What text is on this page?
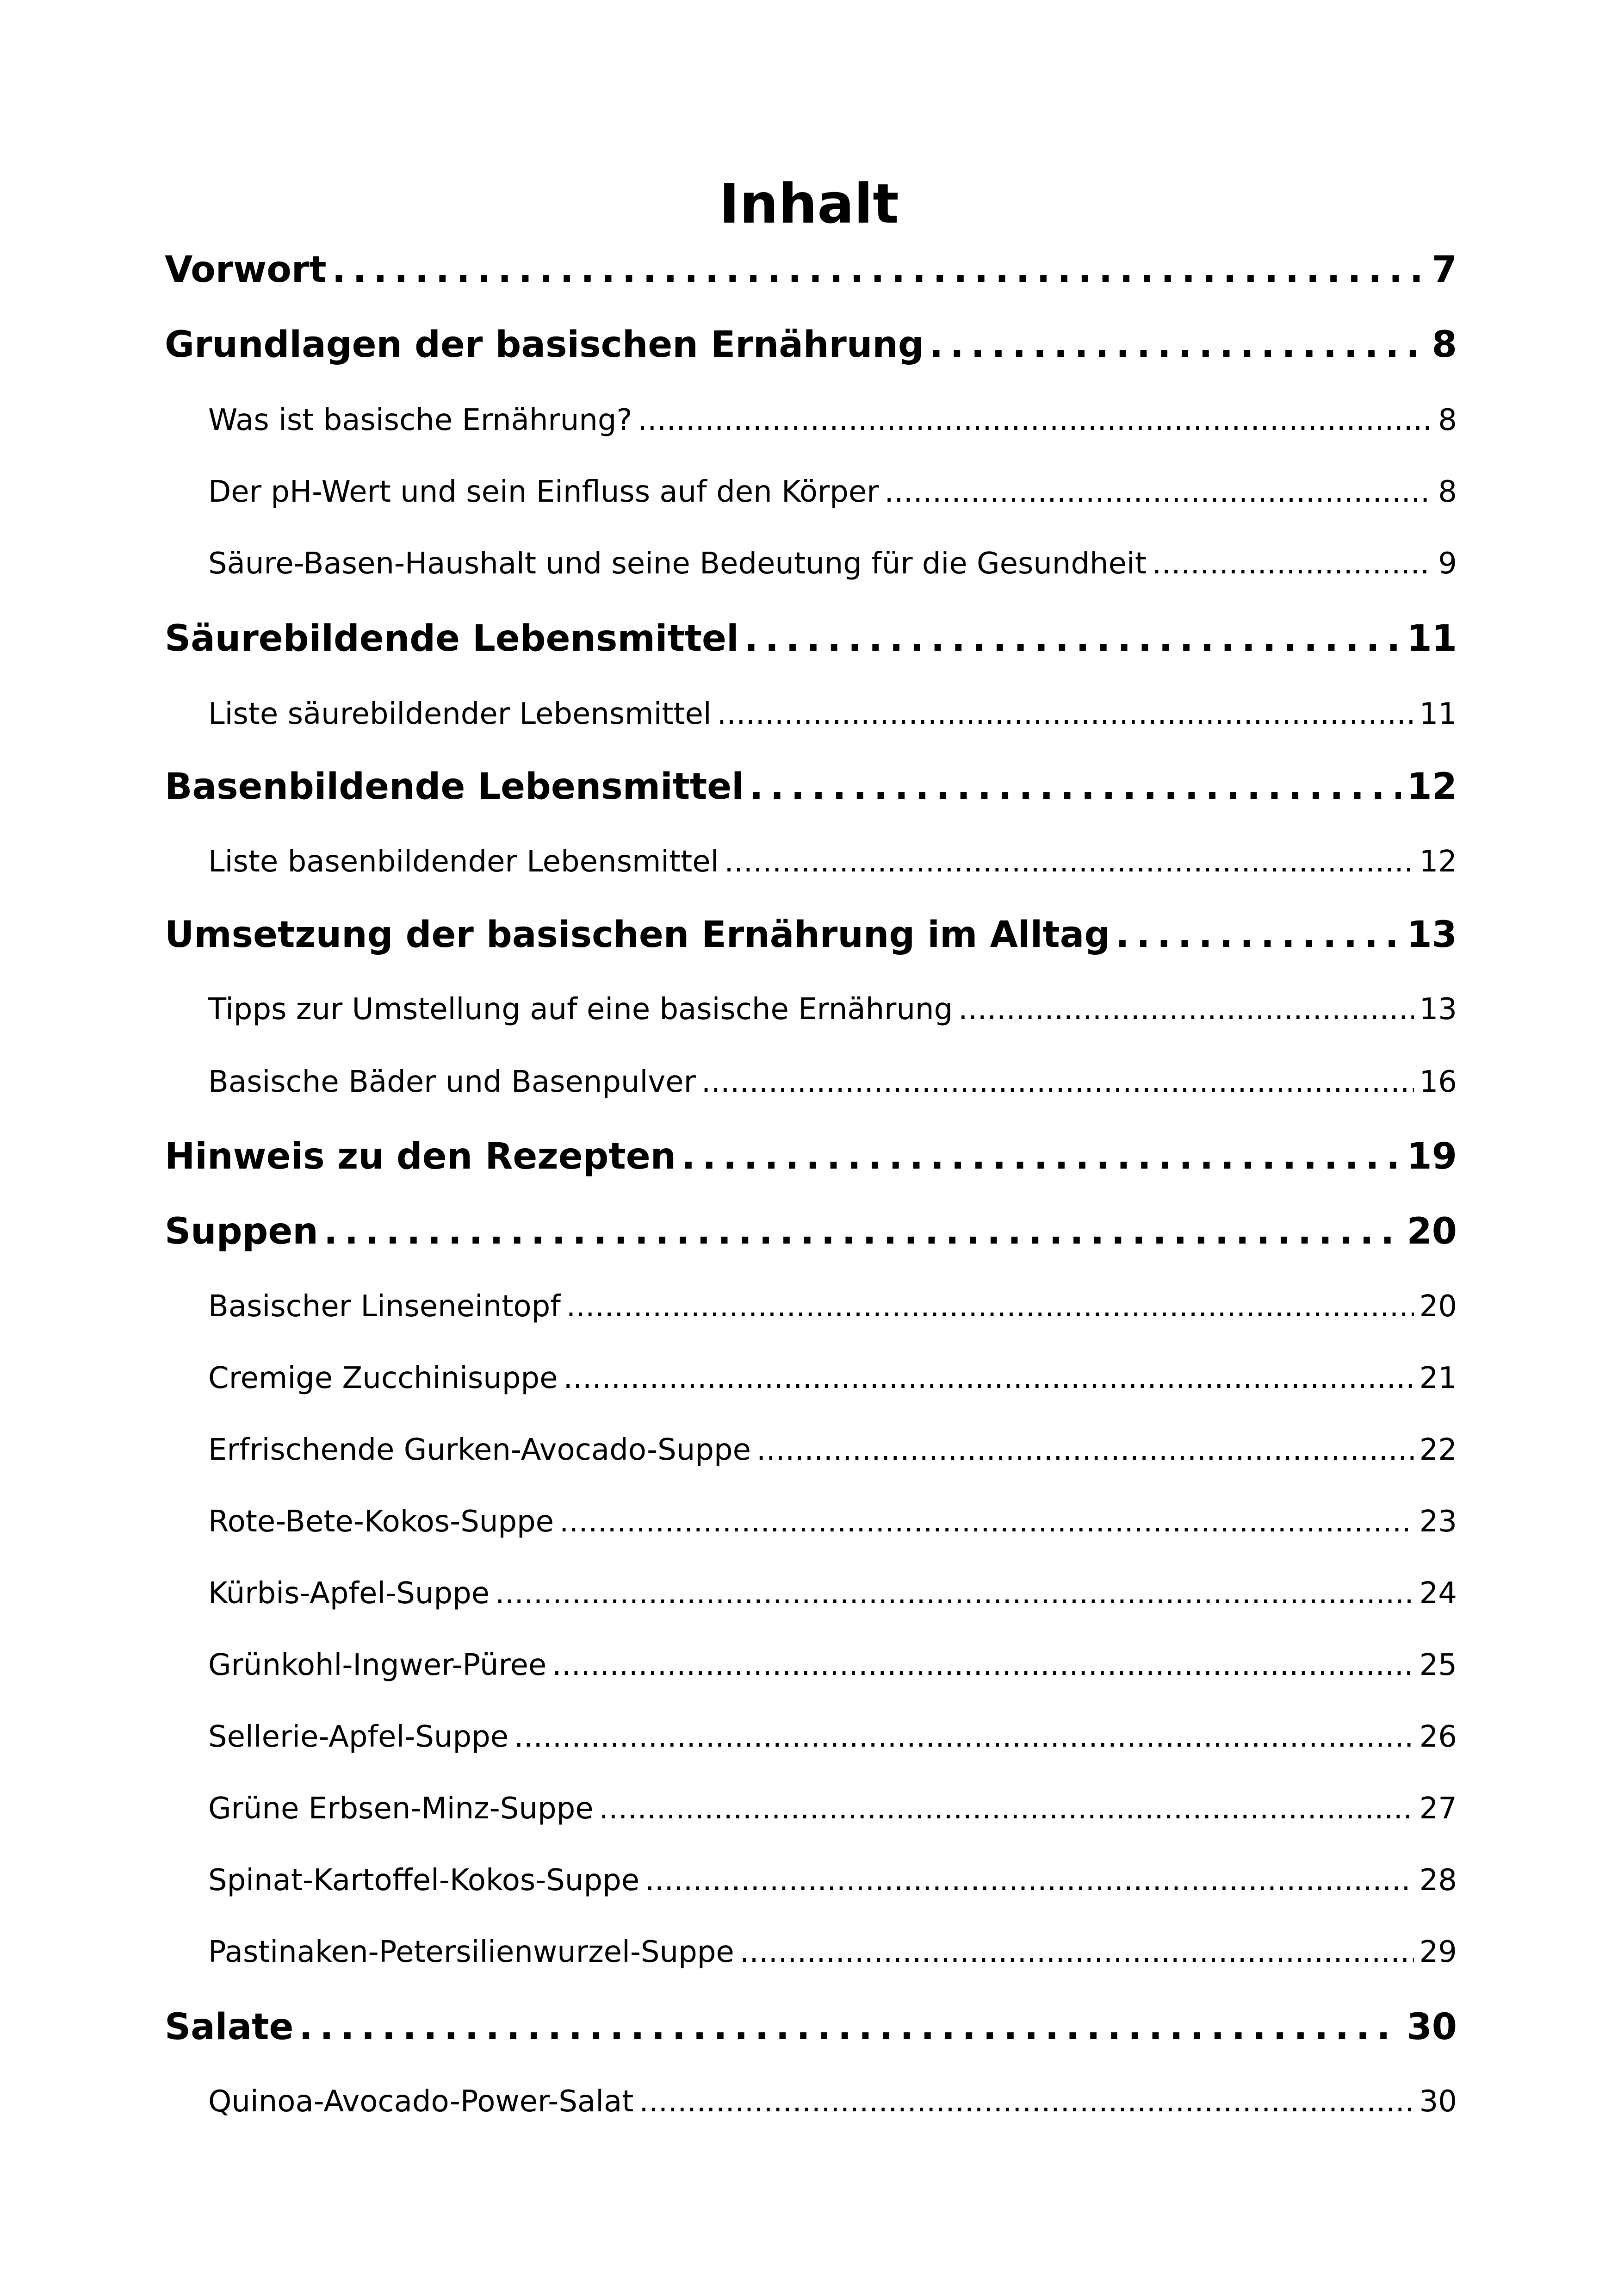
Inhalt
Vorwort . . .	7
Grundlagen der basischen Ernährung . . .	8
Was ist basische Ernährung? . . .	8
Der pH-Wert und sein Einfluss auf den Körper . . .	8
Säure-Basen-Haushalt und seine Bedeutung für die Gesundheit . . .	9
Säurebildende Lebensmittel . . .	11
Liste säurebildender Lebensmittel . . .	11
Basenbildende Lebensmittel . . .	12
Liste basenbildender Lebensmittel . . .	12
Umsetzung der basischen Ernährung im Alltag . . .	13
Tipps zur Umstellung auf eine basische Ernährung . . .	13
Basische Bäder und Basenpulver . . .	16
Hinweis zu den Rezepten . . .	19
Suppen . . .	20
Basischer Linseneintopf . . .	20
Cremige Zucchinisuppe . . .	21
Erfrischende Gurken-Avocado-Suppe . . .	22
Rote-Bete-Kokos-Suppe . . .	23
Kürbis-Apfel-Suppe . . .	24
Grünkohl-Ingwer-Püree . . .	25
Sellerie-Apfel-Suppe . . .	26
Grüne Erbsen-Minz-Suppe . . .	27
Spinat-Kartoffel-Kokos-Suppe . . .	28
Pastinaken-Petersilienwurzel-Suppe . . .	29
Salate . . .	30
Quinoa-Avocado-Power-Salat . . .	30
